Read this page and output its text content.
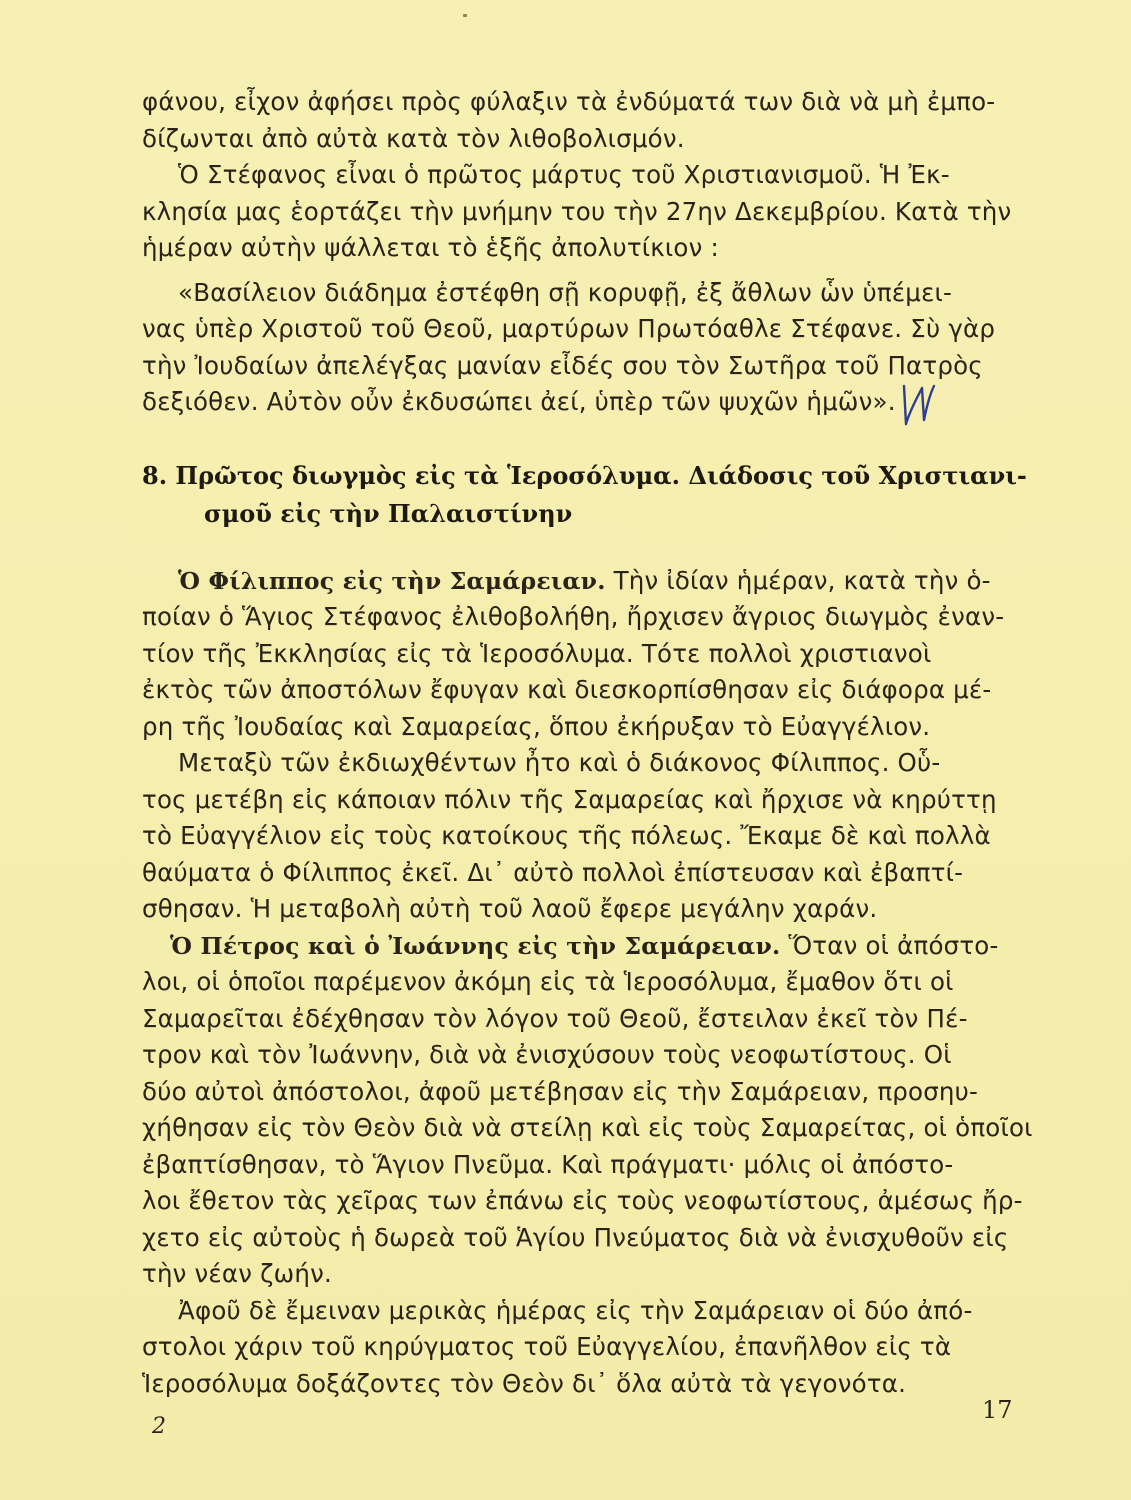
φάνου, εἶχον ἀφήσει πρὸς φύλαξιν τὰ ἐνδύματά των διὰ νὰ μὴ ἐμπο-
δίζωνται ἀπὸ αὐτὰ κατὰ τὸν λιθοβολισμόν.
Ὁ Στέφανος εἶναι ὁ πρῶτος μάρτυς τοῦ Χριστιανισμοῦ. Ἡ Ἐκ-
κλησία μας ἑορτάζει τὴν μνήμην του τὴν 27ην Δεκεμβρίου. Κατὰ τὴν
ἡμέραν αὐτὴν ψάλλεται τὸ ἑξῆς ἀπολυτίκιον :
«Βασίλειον διάδημα ἐστέφθη σῇ κορυφῇ, ἐξ ἄθλων ὧν ὑπέμει-
νας ὑπὲρ Χριστοῦ τοῦ Θεοῦ, μαρτύρων Πρωτόαθλε Στέφανε. Σὺ γὰρ
τὴν Ἰουδαίων ἀπελέγξας μανίαν εἶδές σου τὸν Σωτῆρα τοῦ Πατρὸς
δεξιόθεν. Αὐτὸν οὖν ἐκδυσώπει ἀεί, ὑπὲρ τῶν ψυχῶν ἡμῶν».
8. Πρῶτος διωγμὸς εἰς τὰ Ἱεροσόλυμα. Διάδοσις τοῦ Χριστιανι-
σμοῦ εἰς τὴν Παλαιστίνην
Ὁ Φίλιππος εἰς τὴν Σαμάρειαν. Τὴν ἰδίαν ἡμέραν, κατὰ τὴν ὁ-
ποίαν ὁ Ἅγιος Στέφανος ἐλιθοβολήθη, ἤρχισεν ἄγριος διωγμὸς ἐναν-
τίον τῆς Ἐκκλησίας εἰς τὰ Ἱεροσόλυμα. Τότε πολλοὶ χριστιανοὶ
ἐκτὸς τῶν ἀποστόλων ἔφυγαν καὶ διεσκορπίσθησαν εἰς διάφορα μέ-
ρη τῆς Ἰουδαίας καὶ Σαμαρείας, ὅπου ἐκήρυξαν τὸ Εὐαγγέλιον.
Μεταξὺ τῶν ἐκδιωχθέντων ἦτο καὶ ὁ διάκονος Φίλιππος. Οὗ-
τος μετέβη εἰς κάποιαν πόλιν τῆς Σαμαρείας καὶ ἤρχισε νὰ κηρύττῃ
τὸ Εὐαγγέλιον εἰς τοὺς κατοίκους τῆς πόλεως. Ἔκαμε δὲ καὶ πολλὰ
θαύματα ὁ Φίλιππος ἐκεῖ. Δι᾽ αὐτὸ πολλοὶ ἐπίστευσαν καὶ ἐβαπτί-
σθησαν. Ἡ μεταβολὴ αὐτὴ τοῦ λαοῦ ἔφερε μεγάλην χαράν.
Ὁ Πέτρος καὶ ὁ Ἰωάννης εἰς τὴν Σαμάρειαν. Ὅταν οἱ ἀπόστο-
λοι, οἱ ὁποῖοι παρέμενον ἀκόμη εἰς τὰ Ἱεροσόλυμα, ἔμαθον ὅτι οἱ
Σαμαρεῖται ἐδέχθησαν τὸν λόγον τοῦ Θεοῦ, ἔστειλαν ἐκεῖ τὸν Πέ-
τρον καὶ τὸν Ἰωάννην, διὰ νὰ ἐνισχύσουν τοὺς νεοφωτίστους. Οἱ
δύο αὐτοὶ ἀπόστολοι, ἀφοῦ μετέβησαν εἰς τὴν Σαμάρειαν, προσηυ-
χήθησαν εἰς τὸν Θεὸν διὰ νὰ στείλῃ καὶ εἰς τοὺς Σαμαρείτας, οἱ ὁποῖοι
ἐβαπτίσθησαν, τὸ Ἅγιον Πνεῦμα. Καὶ πράγματι· μόλις οἱ ἀπόστο-
λοι ἔθετον τὰς χεῖρας των ἐπάνω εἰς τοὺς νεοφωτίστους, ἀμέσως ἤρ-
χετο εἰς αὐτοὺς ἡ δωρεὰ τοῦ Ἁγίου Πνεύματος διὰ νὰ ἐνισχυθοῦν εἰς
τὴν νέαν ζωήν.
Ἀφοῦ δὲ ἔμειναν μερικὰς ἡμέρας εἰς τὴν Σαμάρειαν οἱ δύο ἀπό-
στολοι χάριν τοῦ κηρύγματος τοῦ Εὐαγγελίου, ἐπανῆλθον εἰς τὰ
Ἱεροσόλυμα δοξάζοντες τὸν Θεὸν δι᾽ ὅλα αὐτὰ τὰ γεγονότα.
N
2
17
